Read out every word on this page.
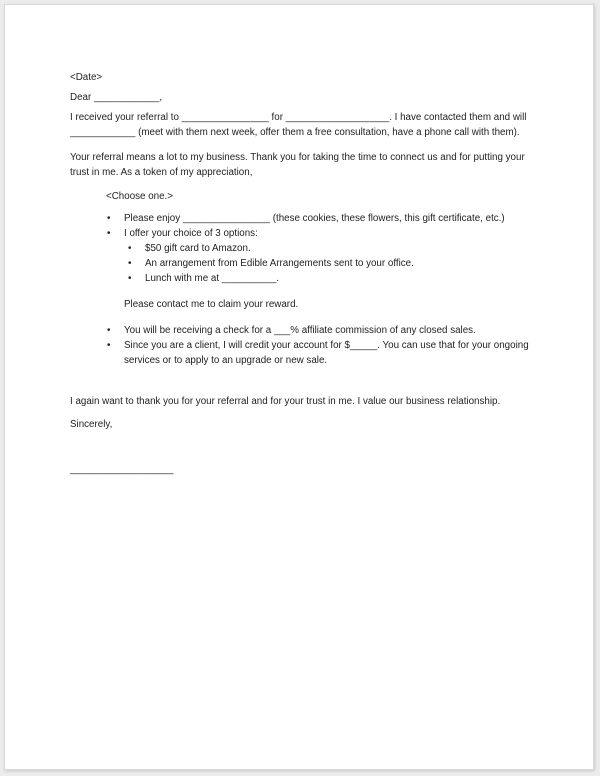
<Date>

Dear ____________,

I received your referral to ________________ for ___________________. I have contacted them and will ____________ (meet with them next week, offer them a free consultation, have a phone call with them).

Your referral means a lot to my business. Thank you for taking the time to connect us and for putting your trust in me. As a token of my appreciation,

<Choose one.>

• Please enjoy ________________ (these cookies, these flowers, this gift certificate, etc.)
• I offer your choice of 3 options:
• $50 gift card to Amazon.
• An arrangement from Edible Arrangements sent to your office.
• Lunch with me at __________.

Please contact me to claim your reward.

• You will be receiving a check for a ___% affiliate commission of any closed sales.
• Since you are a client, I will credit your account for $_____. You can use that for your ongoing services or to apply to an upgrade or new sale.

I again want to thank you for your referral and for your trust in me. I value our business relationship.

Sincerely,

___________________
